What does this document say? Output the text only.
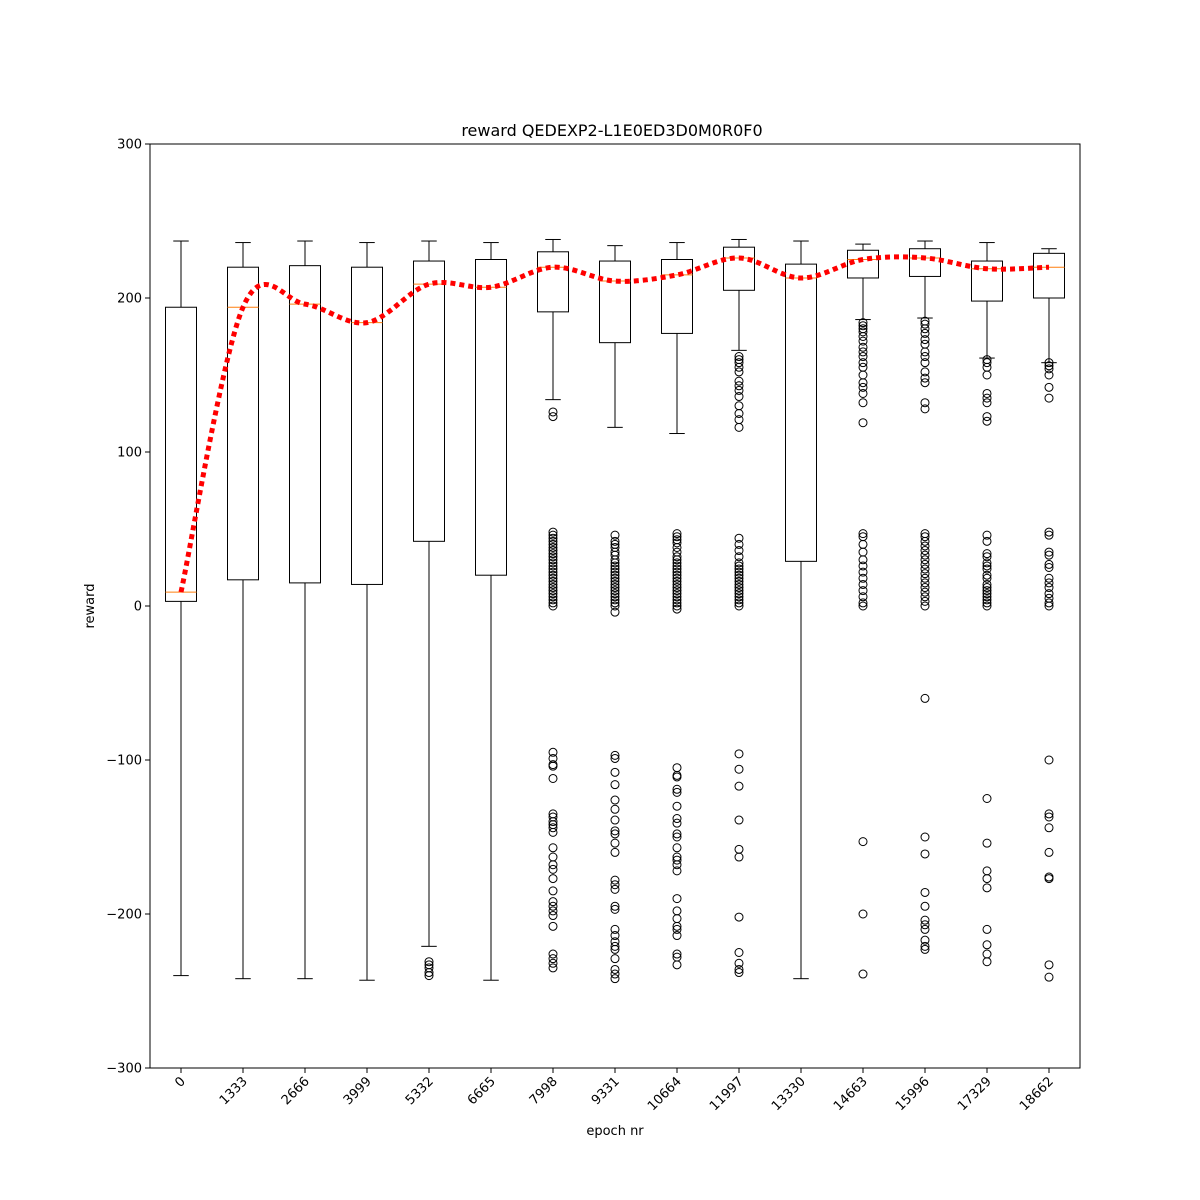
reward QEDEXP2-L1E0ED3D0M0R0F0
−300
−200
−100
0
100
200
300
0 1333 2666 3999 5332 6665 7998 9331 10664 11997 13330 14663 15996 17329 18662
epoch nr
reward
